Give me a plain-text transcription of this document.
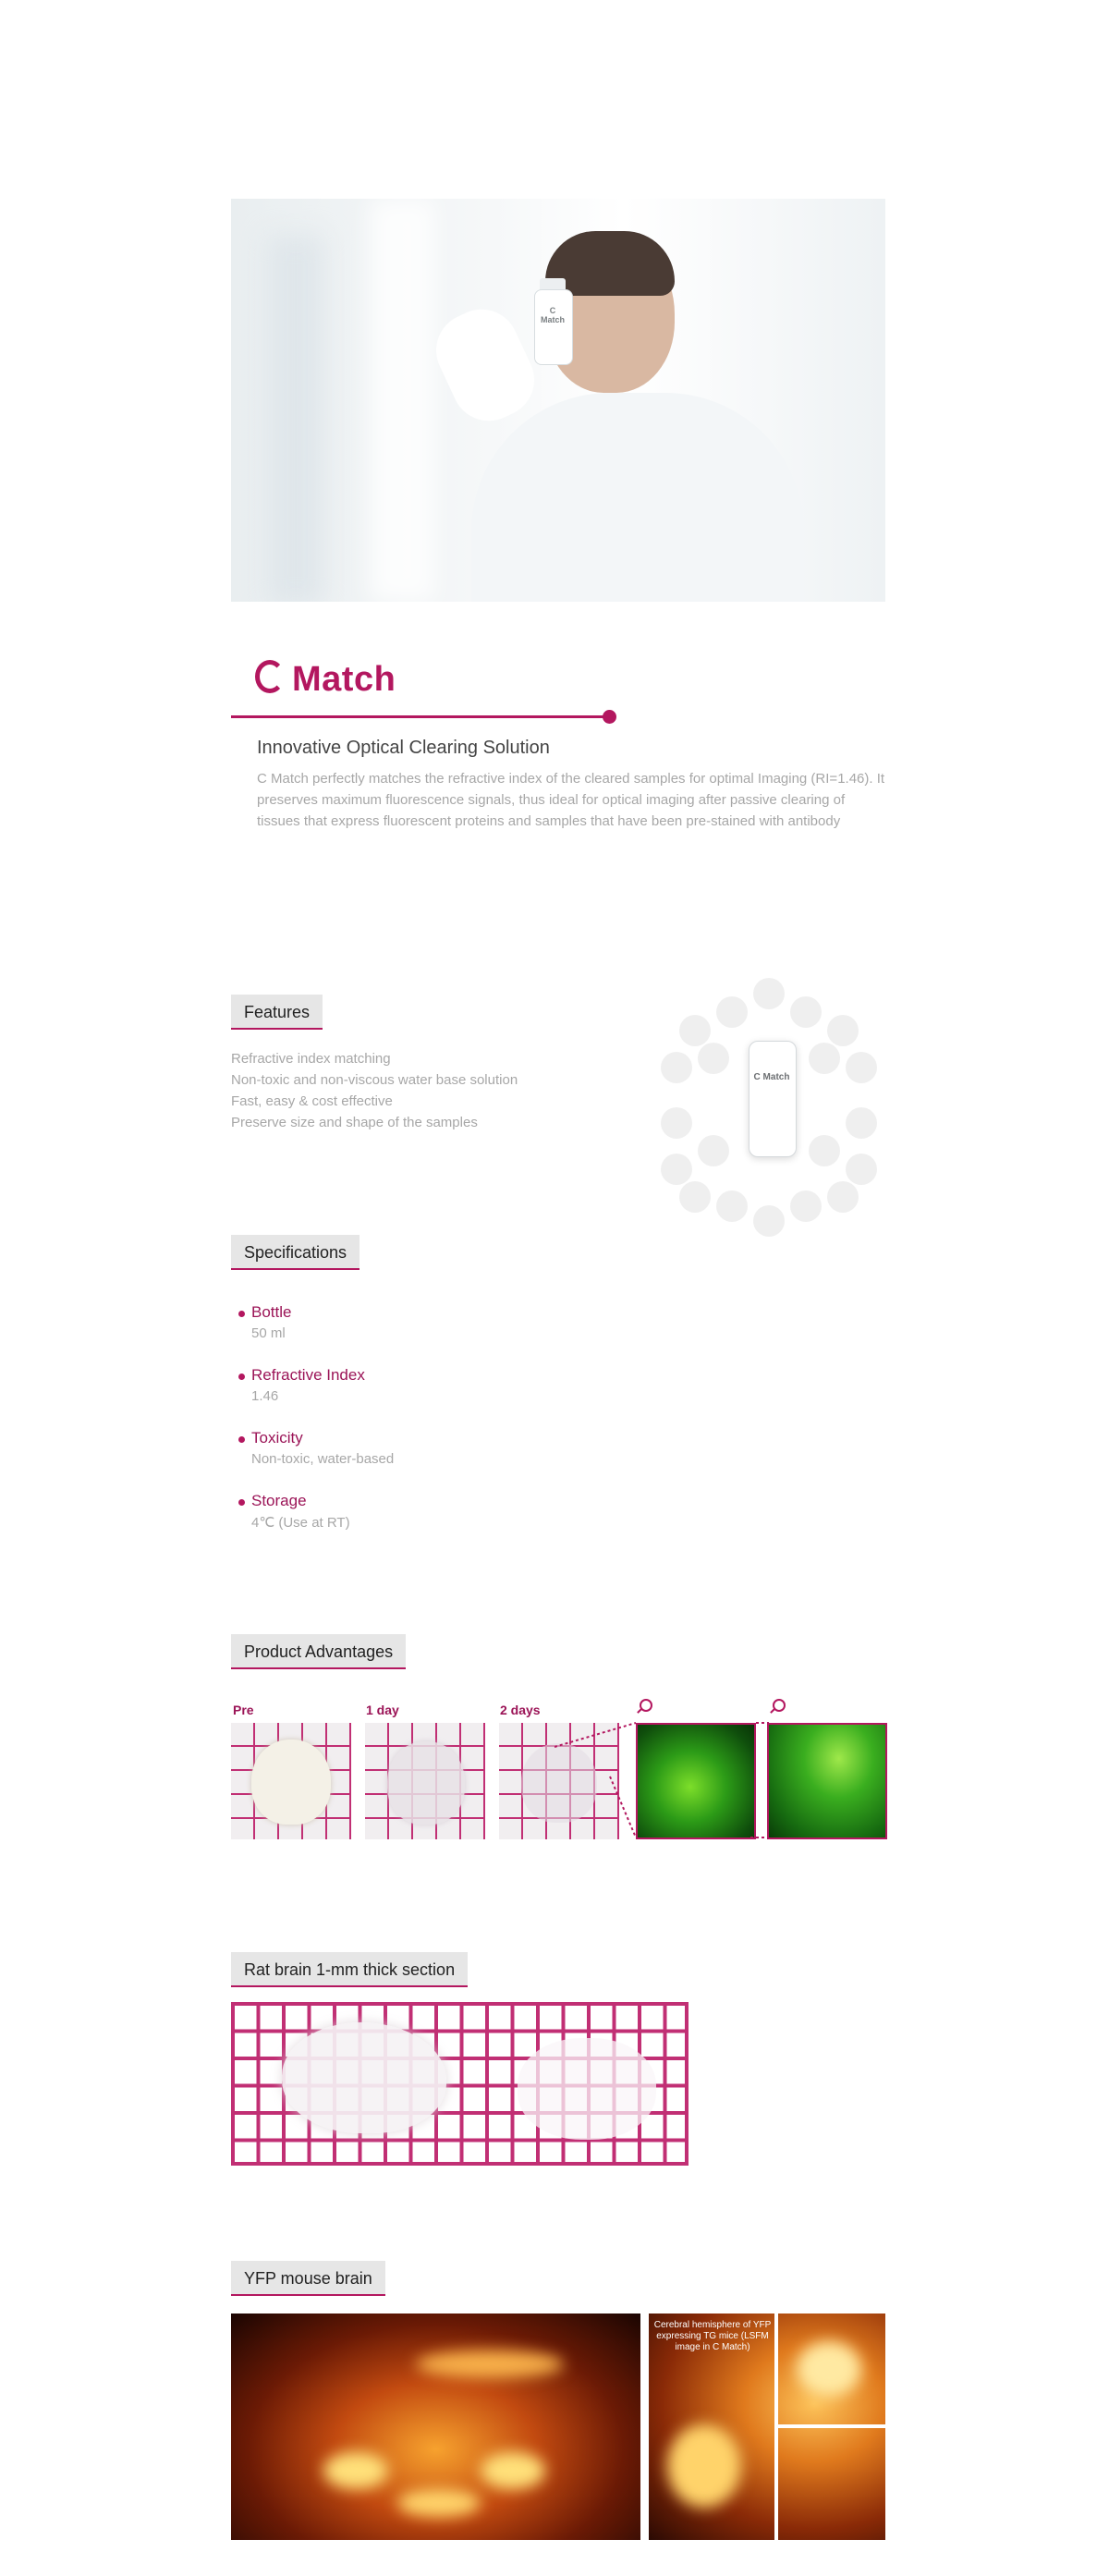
C Match
Match
Innovative Optical Clearing Solution
C Match perfectly matches the refractive index of the cleared samples for optimal Imaging (RI=1.46). It preserves maximum fluorescence signals, thus ideal for optical imaging after passive clearing of tissues that express fluorescent proteins and samples that have been pre-stained with antibody
Features
Refractive index matching
Non-toxic and non-viscous water base solution
Fast, easy & cost effective
Preserve size and shape of the samples
C Match
Specifications
Bottle
50 ml
Refractive Index
1.46
Toxicity
Non-toxic, water-based
Storage
4℃ (Use at RT)
Product Advantages
Pre	1 day	2 days
Rat brain 1-mm thick section
YFP mouse brain
Cerebral hemisphere of YFP expressing TG mice (LSFM image in C Match)
